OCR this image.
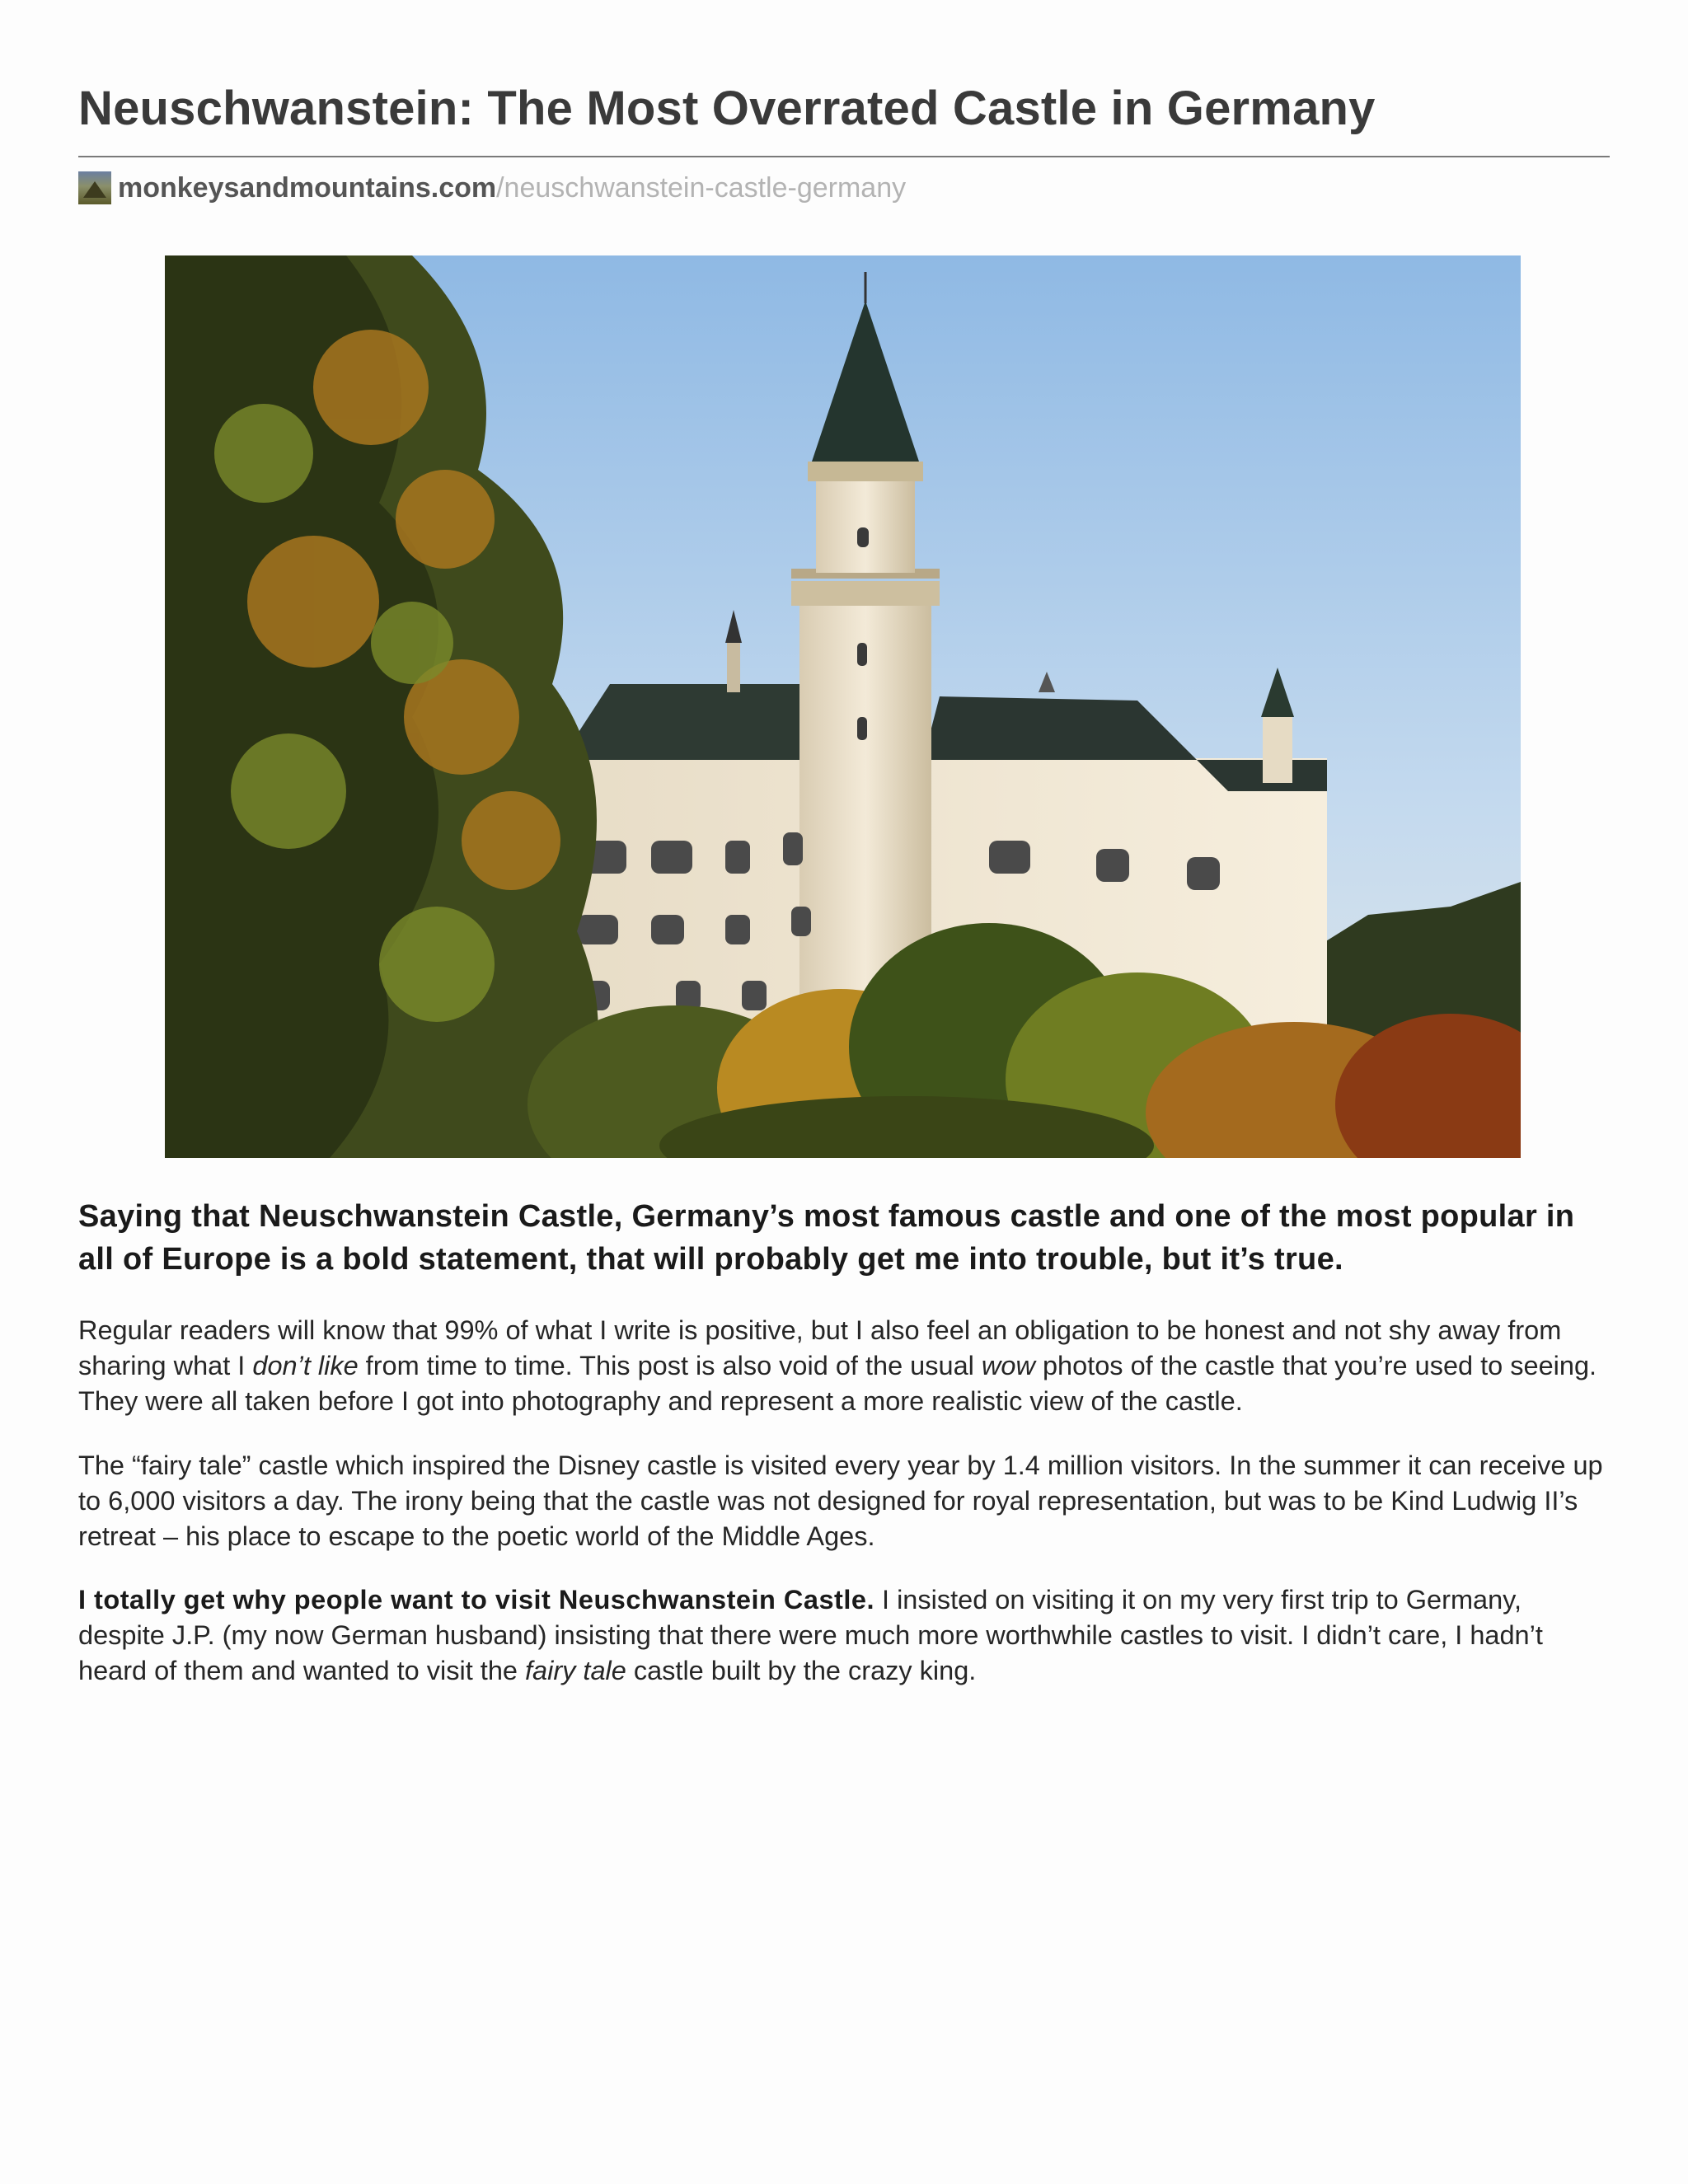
Neuschwanstein: The Most Overrated Castle in Germany
monkeysandmountains.com /neuschwanstein-castle-germany

Saying that Neuschwanstein Castle, Germany’s most famous castle and one of the most popular in all of Europe is a bold statement, that will probably get me into trouble, but it’s true.

Regular readers will know that 99% of what I write is positive, but I also feel an obligation to be honest and not shy away from sharing what I don’t like from time to time. This post is also void of the usual wow photos of the castle that you’re used to seeing. They were all taken before I got into photography and represent a more realistic view of the castle.

The “fairy tale” castle which inspired the Disney castle is visited every year by 1.4 million visitors. In the summer it can receive up to 6,000 visitors a day. The irony being that the castle was not designed for royal representation, but was to be Kind Ludwig II’s retreat – his place to escape to the poetic world of the Middle Ages.

I totally get why people want to visit Neuschwanstein Castle. I insisted on visiting it on my very first trip to Germany, despite J.P. (my now German husband) insisting that there were much more worthwhile castles to visit. I didn’t care, I hadn’t heard of them and wanted to visit the fairy tale castle built by the crazy king.
